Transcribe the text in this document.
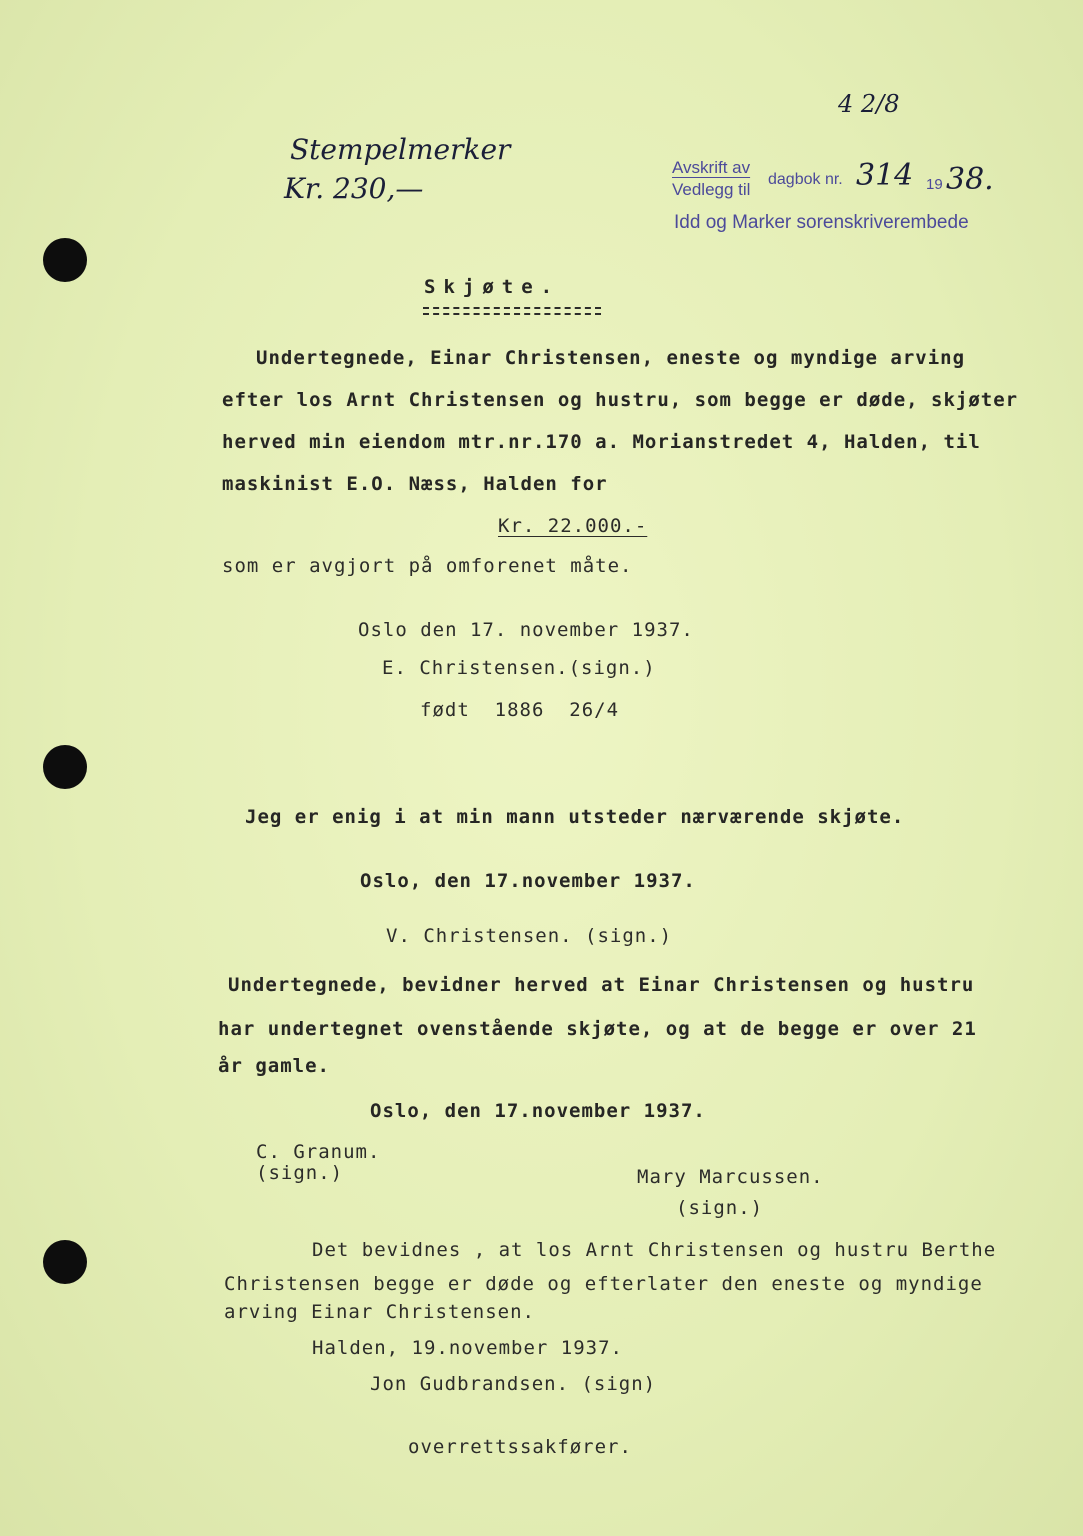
Stempelmerker

Kr. 230,—

4 2/8

Avskrift av

Vedlegg til

dagbok nr. 314 19 38.

Idd og Marker sorenskriverembede

Skjøte.

Undertegnede, Einar Christensen, eneste og myndige arving

efter los Arnt Christensen og hustru, som begge er døde, skjøter

herved min eiendom mtr.nr.170 a. Morianstredet 4, Halden, til

maskinist E.O. Næss, Halden for

Kr. 22.000.-

som er avgjort på omforenet måte.

Oslo den 17. november 1937.

E. Christensen.(sign.)

født  1886  26/4

Jeg er enig i at min mann utsteder nærværende skjøte.

Oslo, den 17.november 1937.

V. Christensen. (sign.)

Undertegnede, bevidner herved at Einar Christensen og hustru

har undertegnet ovenstående skjøte, og at de begge er over 21

år gamle.

Oslo, den 17.november 1937.

C. Granum.

(sign.)	Mary Marcussen.

(sign.)

Det bevidnes , at los Arnt Christensen og hustru Berthe

Christensen begge er døde og efterlater den eneste og myndige

arving Einar Christensen.

Halden, 19.november 1937.

Jon Gudbrandsen. (sign)

overrettssakfører.
